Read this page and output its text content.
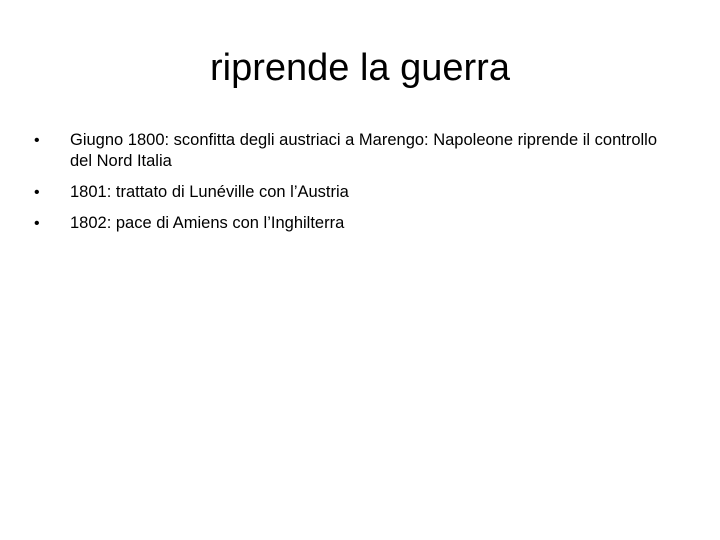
riprende la guerra
•	Giugno 1800: sconfitta degli austriaci a Marengo: Napoleone riprende il controllo del Nord Italia
•	1801: trattato di Lunéville con l’Austria
•	1802: pace di Amiens con l’Inghilterra
